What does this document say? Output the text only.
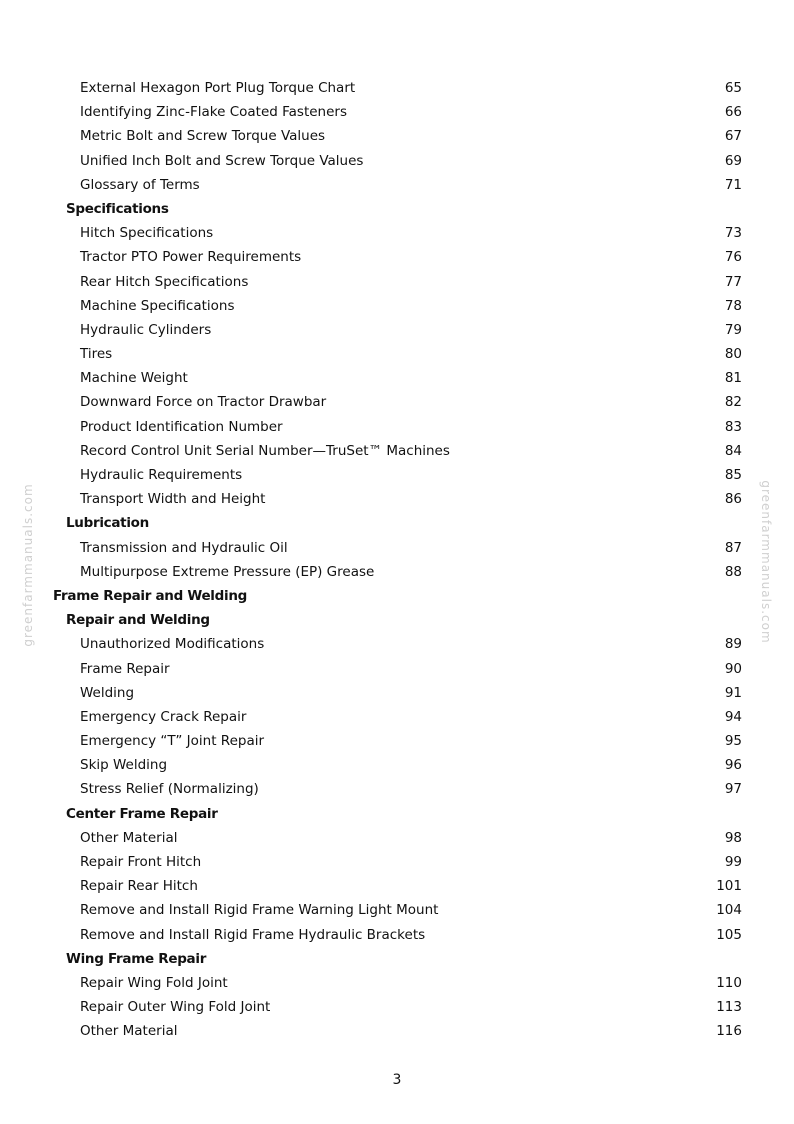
greenfarmmanuals.com	greenfarmmanuals.com
External Hexagon Port Plug Torque Chart	65
Identifying Zinc-Flake Coated Fasteners	66
Metric Bolt and Screw Torque Values	67
Unified Inch Bolt and Screw Torque Values	69
Glossary of Terms	71
Specifications
Hitch Specifications	73
Tractor PTO Power Requirements	76
Rear Hitch Specifications	77
Machine Specifications	78
Hydraulic Cylinders	79
Tires	80
Machine Weight	81
Downward Force on Tractor Drawbar	82
Product Identification Number	83
Record Control Unit Serial Number—TruSet™ Machines	84
Hydraulic Requirements	85
Transport Width and Height	86
Lubrication
Transmission and Hydraulic Oil	87
Multipurpose Extreme Pressure (EP) Grease	88
Frame Repair and Welding
Repair and Welding
Unauthorized Modifications	89
Frame Repair	90
Welding	91
Emergency Crack Repair	94
Emergency “T” Joint Repair	95
Skip Welding	96
Stress Relief (Normalizing)	97
Center Frame Repair
Other Material	98
Repair Front Hitch	99
Repair Rear Hitch	101
Remove and Install Rigid Frame Warning Light Mount	104
Remove and Install Rigid Frame Hydraulic Brackets	105
Wing Frame Repair
Repair Wing Fold Joint	110
Repair Outer Wing Fold Joint	113
Other Material	116
3
